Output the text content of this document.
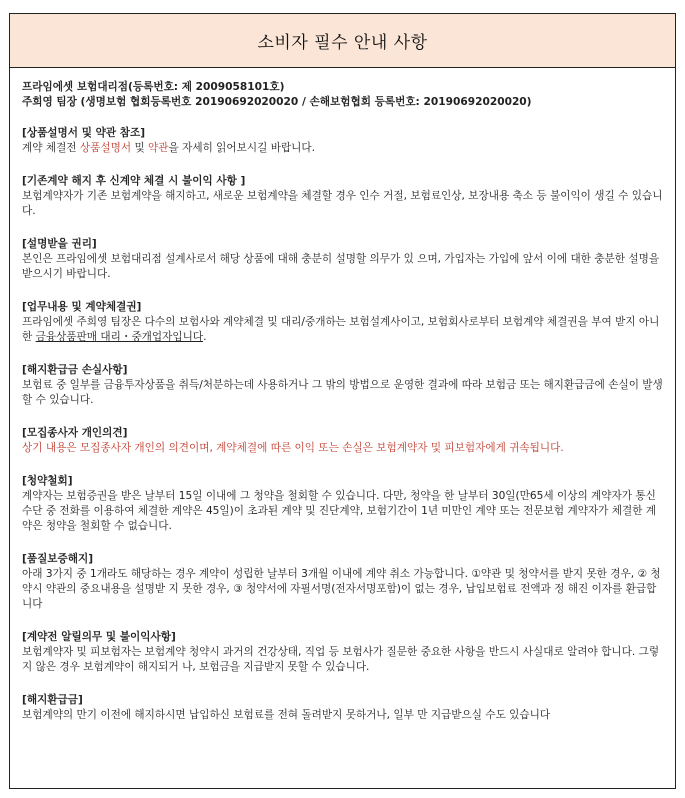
소비자 필수 안내 사항
프라임에셋 보험대리점(등록번호: 제 2009058101호)
주희영 팀장 (생명보험 협회등록번호 20190692020020 / 손해보험협회 등록번호: 20190692020020)
[상품설명서 및 약관 참조]
계약 체결전 상품설명서 및 약관을 자세히 읽어보시길 바랍니다.
[기존계약 해지 후 신계약 체결 시 불이익 사항 ]
보험계약자가 기존 보험계약을 해지하고, 새로운 보험계약을 체결할 경우 인수 거절, 보험료인상, 보장내용 축소 등 불이익이 생길 수 있습니다.
[설명받을 권리]
본인은 프라임에셋 보험대리점 설계사로서 해당 상품에 대해 충분히 설명할 의무가 있 으며, 가입자는 가입에 앞서 이에 대한 충분한 설명을 받으시기 바랍니다.
[업무내용 및 계약체결권]
프라임에셋 주희영 팀장은 다수의 보험사와 계약체결 및 대리/중개하는 보험설계사이고, 보험회사로부터 보험계약 체결권을 부여 받지 아니한 금융상품판매 대리・중개업자입니다.
[해지환급금 손실사항]
보험료 중 일부를 금융투자상품을 취득/처분하는데 사용하거나 그 밖의 방법으로 운영한 결과에 따라 보험금 또는 해지환급금에 손실이 발생할 수 있습니다.
[모집종사자 개인의견]
상기 내용은 모집종사자 개인의 의견이며, 계약체결에 따른 이익 또는 손실은 보험계약자 및 피보험자에게 귀속됩니다.
[청약철회]
계약자는 보험증권을 받은 날부터 15일 이내에 그 청약을 철회할 수 있습니다. 다만, 청약을 한 날부터 30일(만65세 이상의 계약자가 통신수단 중 전화를 이용하여 체결한 계약은 45일)이 초과된 계약 및 진단계약, 보험기간이 1년 미만인 계약 또는 전문보험 계약자가 체결한 계약은 청약을 철회할 수 없습니다.
[품질보증해지]
아래 3가지 중 1개라도 해당하는 경우 계약이 성립한 날부터 3개월 이내에 계약 취소 가능합니다. ①약관 및 청약서를 받지 못한 경우, ② 청약시 약관의 중요내용을 설명받 지 못한 경우, ③ 청약서에 자필서명(전자서명포함)이 없는 경우, 납입보험료 전액과 정 해진 이자를 환급합니다
[계약전 알릴의무 및 불이익사항]
보험계약자 및 피보험자는 보험계약 청약시 과거의 건강상태, 직업 등 보험사가 질문한 중요한 사항을 반드시 사실대로 알려야 합니다. 그렇지 않은 경우 보험계약이 해지되거 나, 보험금을 지급받지 못할 수 있습니다.
[해지환급금]
보험계약의 만기 이전에 해지하시면 납입하신 보험료를 전혀 돌려받지 못하거나, 일부 만 지급받으실 수도 있습니다
